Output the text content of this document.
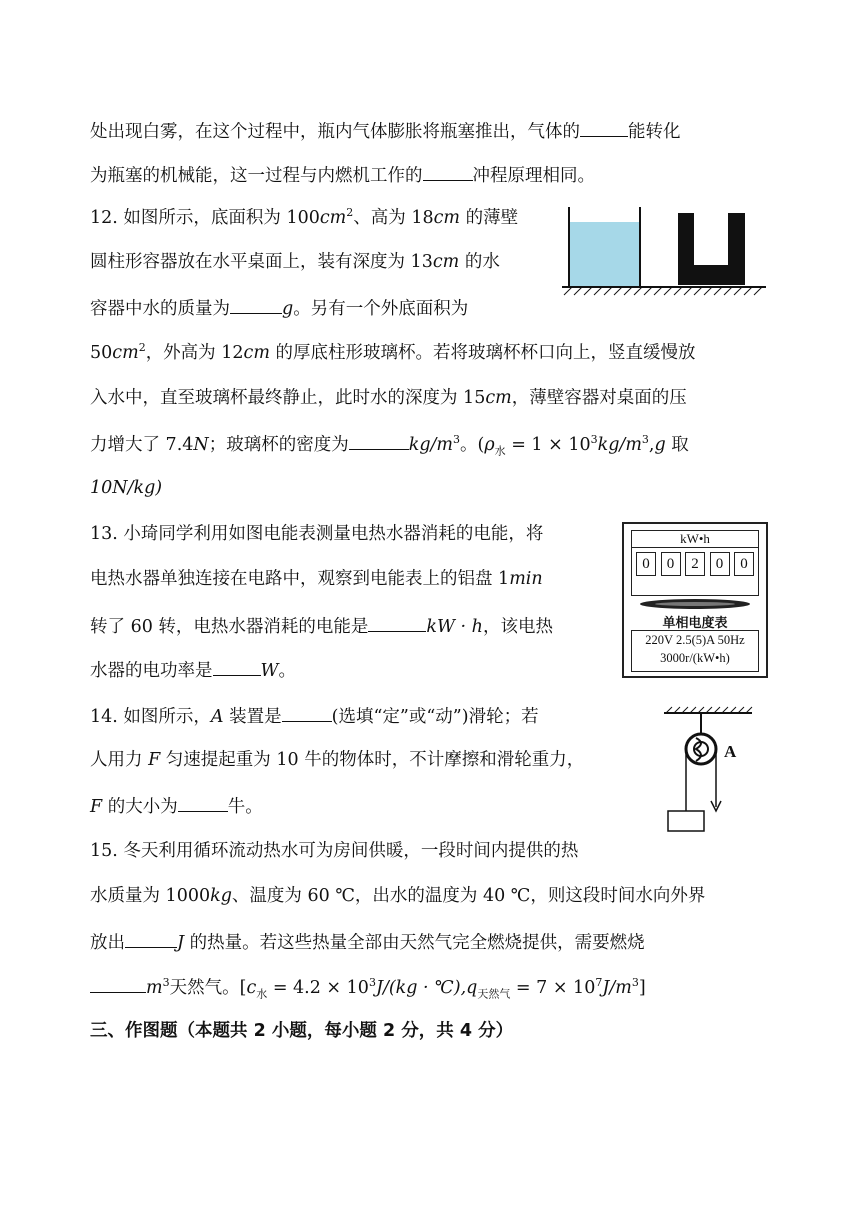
处出现白雾，在这个过程中，瓶内气体膨胀将瓶塞推出，气体的	能转化
为瓶塞的机械能，这一过程与内燃机工作的	冲程原理相同。
12. 如图所示，底面积为 $100cm^2$、高为 18cm 的薄壁
圆柱形容器放在水平桌面上，装有深度为 13cm 的水
容器中水的质量为	g。另有一个外底面积为
$50cm^2$，外高为 12cm 的厚底柱形玻璃杯。若将玻璃杯杯口向上，竖直缓慢放
入水中，直至玻璃杯最终静止，此时水的深度为 15cm，薄壁容器对桌面的压
力增大了 7.4N；玻璃杯的密度为	$kg/m^3$。($\rho_水 = 1 \times 10^3kg/m^3,g$ 取
10N/kg)
13. 小琦同学利用如图电能表测量电热水器消耗的电能，将
电热水器单独连接在电路中，观察到电能表上的铝盘 1min
转了 60 转，电热水器消耗的电能是	kW · h，该电热
水器的电功率是	W。
kW•h
0	0	2	0	0
单相电度表
220V 2.5(5)A 50Hz
3000r/(kW•h)
14. 如图所示，A 装置是	(选填“定”或“动”)滑轮；若
人用力 F 匀速提起重为 10 牛的物体时，不计摩擦和滑轮重力，
F 的大小为	牛。
A
15. 冬天利用循环流动热水可为房间供暖，一段时间内提供的热
水质量为 1000kg、温度为 60 ℃，出水的温度为 40 ℃，则这段时间水向外界
放出	J 的热量。若这些热量全部由天然气完全燃烧提供，需要燃烧
$m^3$天然气。[$c_水 = 4.2 \times 10^3J/(kg$ · $℃),q_{天然气} = 7 \times 10^7J/m^3$]
三、作图题（本题共 2 小题，每小题 2 分，共 4 分）
